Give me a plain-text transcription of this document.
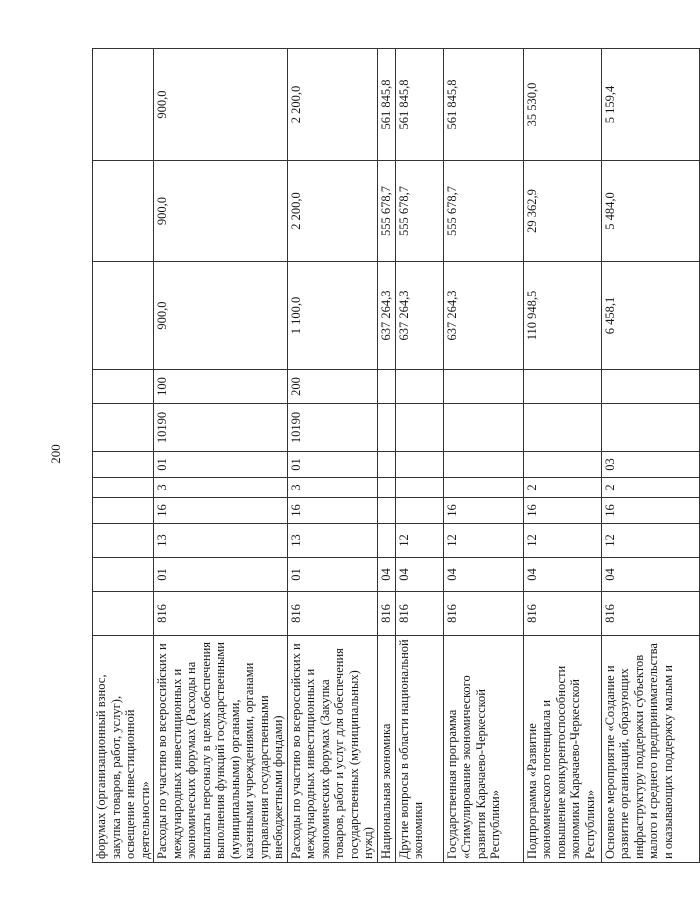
200
форумах (организационный взнос, закупка товаров, работ, услуг), освещение инвестиционной деятельности»											
Расходы по участию во всероссийских и международных инвестиционных и экономических форумах (Расходы на выплаты персоналу в целях обеспечения выполнения функций государственными (муниципальными) органами, казенными учреждениями, органами управления государственными внебюджетными фондами)	816	01	13	16	3	01	10190	100	900,0	900,0	900,0
Расходы по участию во всероссийских и международных инвестиционных и экономических форумах (Закупка товаров, работ и услуг для обеспечения государственных (муниципальных) нужд)	816	01	13	16	3	01	10190	200	1 100,0	2 200,0	2 200,0
Национальная экономика	816	04							637 264,3	555 678,7	561 845,8
Другие вопросы в области национальной экономики	816	04	12						637 264,3	555 678,7	561 845,8
Государственная программа «Стимулирование экономического развития Карачаево-Черкесской Республики»	816	04	12	16					637 264,3	555 678,7	561 845,8
Подпрограмма «Развитие экономического потенциала и повышение конкурентоспособности экономики Карачаево-Черкесской Республики»	816	04	12	16	2				110 948,5	29 362,9	35 530,0
Основное мероприятие «Создание и развитие организаций, образующих инфраструктуру поддержки субъектов малого и среднего предпринимательства и оказывающих поддержку малым и	816	04	12	16	2	03			6 458,1	5 484,0	5 159,4
